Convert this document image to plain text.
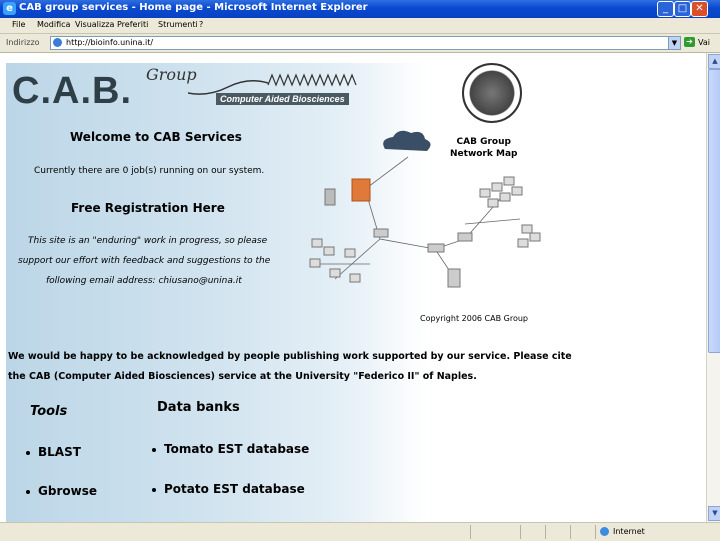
e CAB group services - Home page - Microsoft Internet Explorer	_ □ ✕
File Modifica Visualizza Preferiti Strumenti ?
Indirizzo	http://bioinfo.unina.it/	▼	➔ Vai
C.A.B. Group
Computer Aided Biosciences
Welcome to CAB Services
Currently there are 0 job(s) running on our system.
Free Registration Here
This site is an "enduring" work in progress, so please
support our effort with feedback and suggestions to the
following email address: chiusano@unina.it
CAB Group
Network Map
Copyright 2006 CAB Group
We would be happy to be acknowledged by people publishing work supported by our service. Please cite
the CAB (Computer Aided Biosciences) service at the University "Federico II" of Naples.
Tools	Data banks
BLAST
Gbrowse
Tomato EST database
Potato EST database
▲
▼
Internet
